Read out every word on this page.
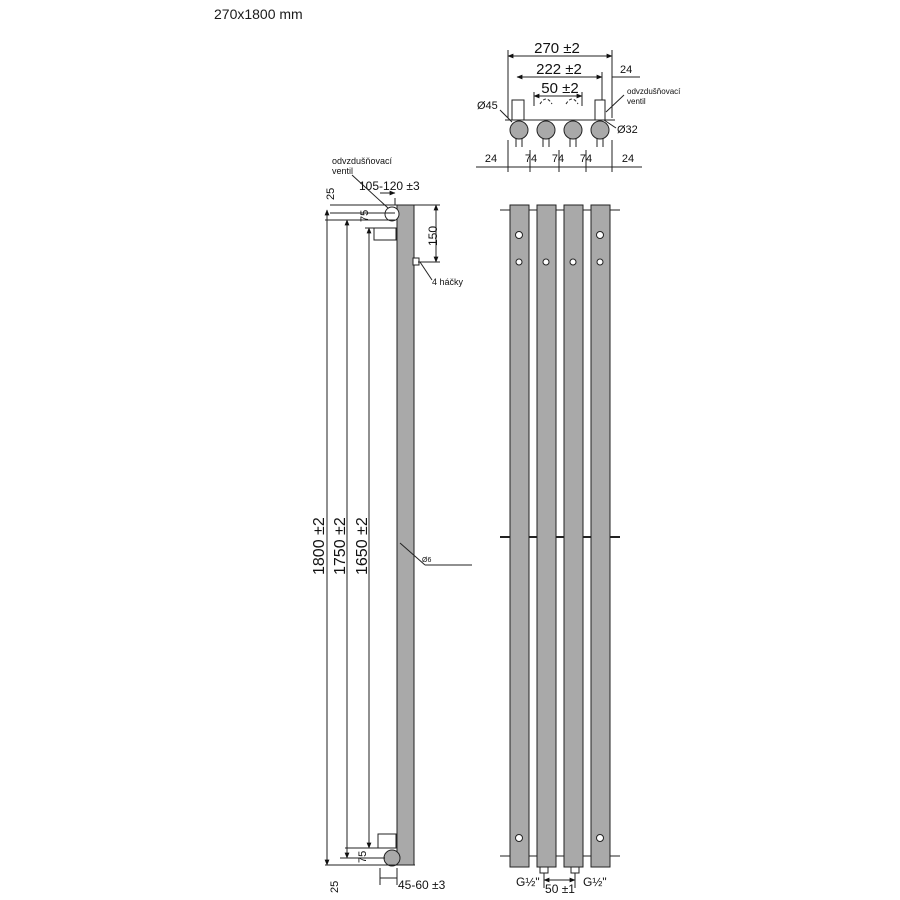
270x1800 mm
270 ±2
222 ±2
50 ±2
24
Ø45
Ø32
odvzdušňovací
ventil
24	74 74 74	24
odvzdušňovací
ventil
105-120 ±3
25
75
150
4 háčky
1800 ±2 1750 ±2 1650 ±2	Ø6
75
25	45-60 ±3	G½"	G½"
50 ±1
